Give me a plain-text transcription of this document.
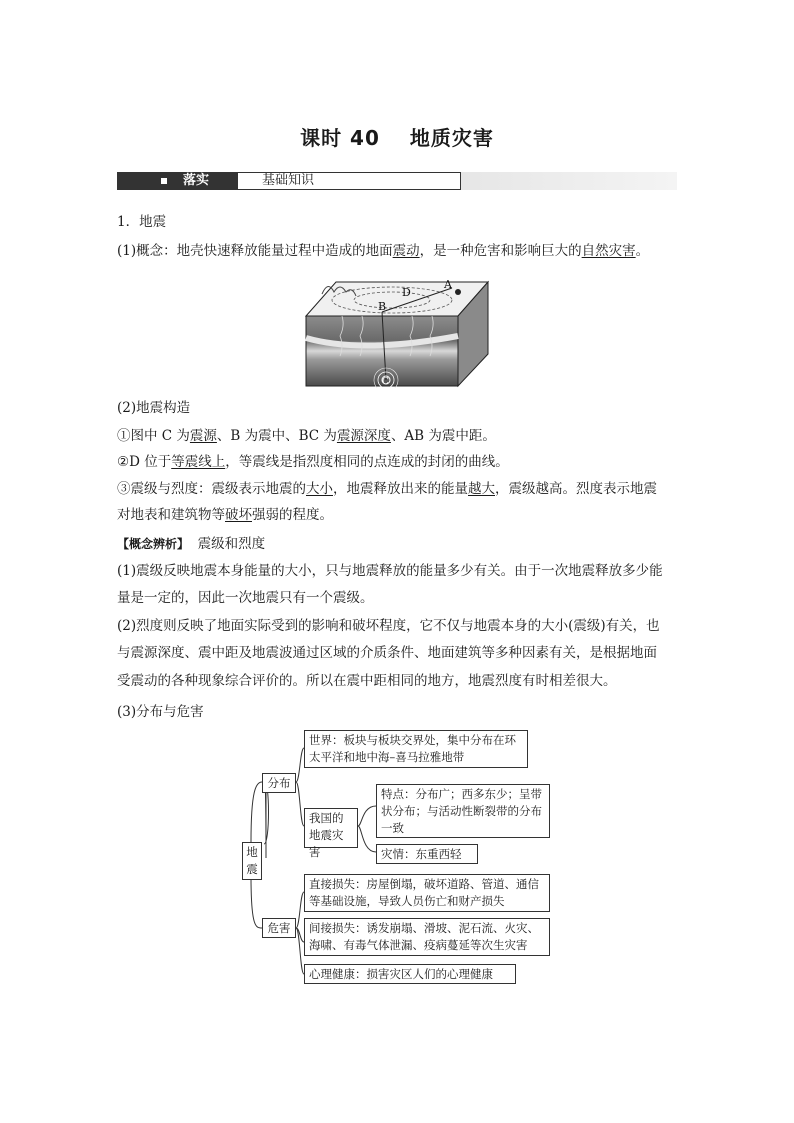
课时 40 地质灾害
落实	基础知识
1．地震
(1)概念：地壳快速释放能量过程中造成的地面震动，是一种危害和影响巨大的自然灾害。
A
B
D
C
(2)地震构造
①图中 C 为震源、B 为震中、BC 为震源深度、AB 为震中距。
②D 位于等震线上，等震线是指烈度相同的点连成的封闭的曲线。
③震级与烈度：震级表示地震的大小，地震释放出来的能量越大，震级越高。烈度表示地震
对地表和建筑物等破坏强弱的程度。
【概念辨析】 震级和烈度
(1)震级反映地震本身能量的大小，只与地震释放的能量多少有关。由于一次地震释放多少能
量是一定的，因此一次地震只有一个震级。
(2)烈度则反映了地面实际受到的影响和破坏程度，它不仅与地震本身的大小(震级)有关，也
与震源深度、震中距及地震波通过区域的介质条件、地面建筑等多种因素有关，是根据地面
受震动的各种现象综合评价的。所以在震中距相同的地方，地震烈度有时相差很大。
(3)分布与危害
地震
分布
世界：板块与板块交界处，集中分布在环太平洋和地中海–喜马拉雅地带
我国的地震灾害
特点：分布广；西多东少；呈带状分布；与活动性断裂带的分布一致
灾情：东重西轻
危害
直接损失：房屋倒塌，破坏道路、管道、通信等基础设施，导致人员伤亡和财产损失
间接损失：诱发崩塌、滑坡、泥石流、火灾、海啸、有毒气体泄漏、疫病蔓延等次生灾害
心理健康：损害灾区人们的心理健康
